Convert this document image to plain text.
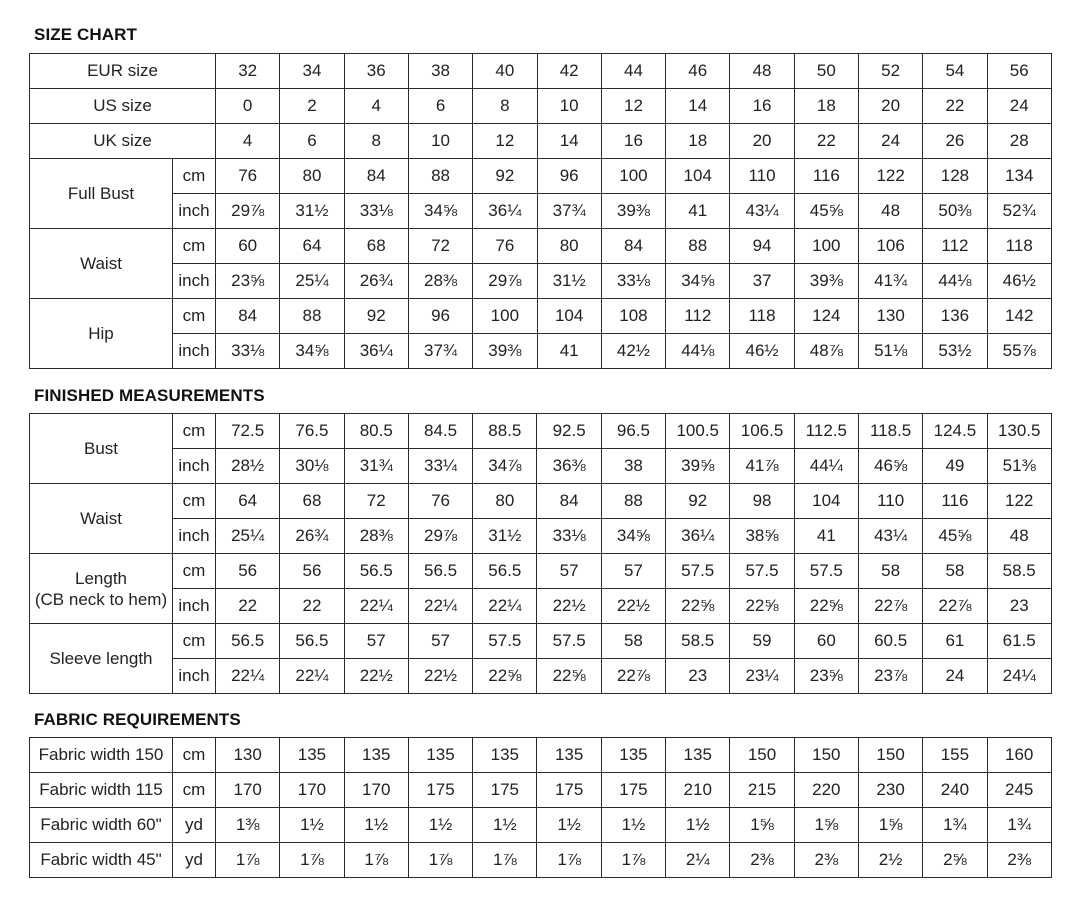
SIZE CHART
EUR size		32	34	36	38	40	42	44	46	48	50	52	54	56
US size		0	2	4	6	8	10	12	14	16	18	20	22	24
UK size		4	6	8	10	12	14	16	18	20	22	24	26	28

Full Bust	cm	76	80	84	88	92	96	100	104	110	116	122	128	134
	inch	29⅞	31½	33⅛	34⅝	36¼	37¾	39⅜	41	43¼	45⅝	48	50⅜	52¾

Waist	cm	60	64	68	72	76	80	84	88	94	100	106	112	118
	inch	23⅝	25¼	26¾	28⅜	29⅞	31½	33⅛	34⅝	37	39⅜	41¾	44⅛	46½

Hip	cm	84	88	92	96	100	104	108	112	118	124	130	136	142
	inch	33⅛	34⅝	36¼	37¾	39⅜	41	42½	44⅛	46½	48⅞	51⅛	53½	55⅞
FINISHED MEASUREMENTS
Bust	cm	72.5	76.5	80.5	84.5	88.5	92.5	96.5	100.5	106.5	112.5	118.5	124.5	130.5
	inch	28½	30⅛	31¾	33¼	34⅞	36⅜	38	39⅝	41⅞	44¼	46⅝	49	51⅜

Waist	cm	64	68	72	76	80	84	88	92	98	104	110	116	122
	inch	25¼	26¾	28⅜	29⅞	31½	33⅛	34⅝	36¼	38⅝	41	43¼	45⅝	48

Length
(CB neck to hem)	cm	56	56	56.5	56.5	56.5	57	57	57.5	57.5	57.5	58	58	58.5
	inch	22	22	22¼	22¼	22¼	22½	22½	22⅝	22⅝	22⅝	22⅞	22⅞	23

Sleeve length	cm	56.5	56.5	57	57	57.5	57.5	58	58.5	59	60	60.5	61	61.5
	inch	22¼	22¼	22½	22½	22⅝	22⅝	22⅞	23	23¼	23⅝	23⅞	24	24¼
FABRIC REQUIREMENTS
Fabric width 150	cm	130	135	135	135	135	135	135	135	150	150	150	155	160
Fabric width 115	cm	170	170	170	175	175	175	175	210	215	220	230	240	245
Fabric width 60"	yd	1⅜	1½	1½	1½	1½	1½	1½	1½	1⅝	1⅝	1⅝	1¾	1¾
Fabric width 45"	yd	1⅞	1⅞	1⅞	1⅞	1⅞	1⅞	1⅞	2¼	2⅜	2⅜	2½	2⅝	2⅜
